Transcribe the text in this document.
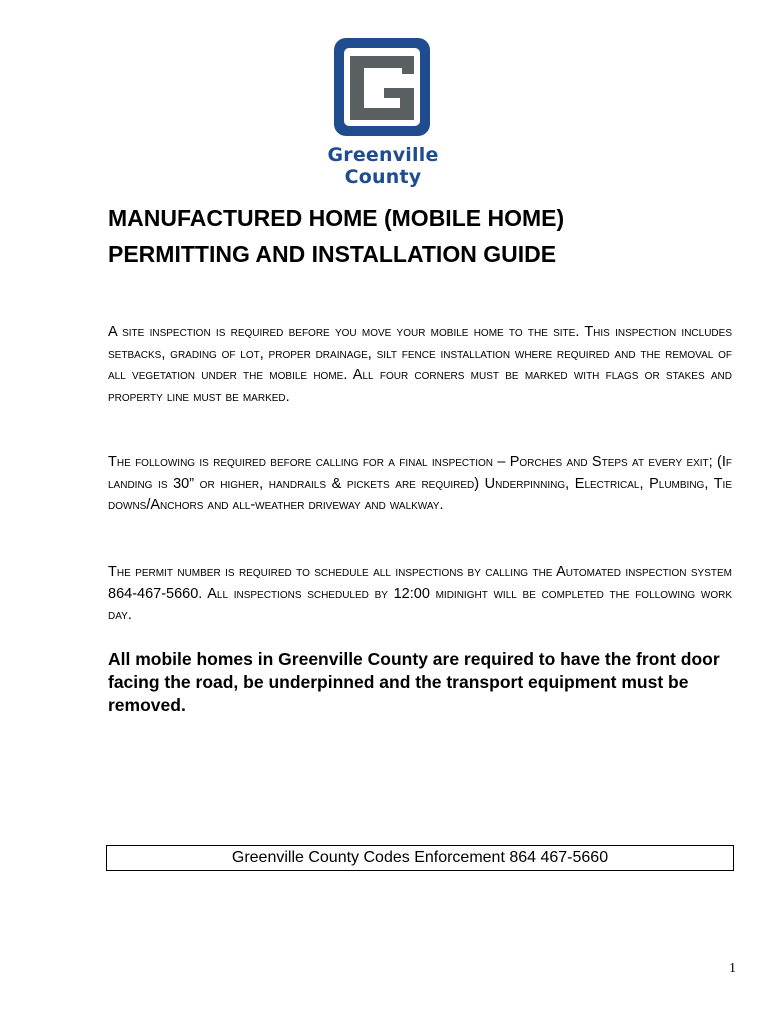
Greenville
County
MANUFACTURED HOME (MOBILE HOME)
PERMITTING AND INSTALLATION GUIDE

A site inspection is required before you move your mobile home to the site. This inspection includes setbacks, grading of lot, proper drainage, silt fence installation where required and the removal of all vegetation under the mobile home. All four corners must be marked with flags or stakes and property line must be marked.

The following is required before calling for a final inspection – Porches and Steps at every exit; (If landing is 30” or higher, handrails & pickets are required) Underpinning, Electrical, Plumbing, Tie downs/Anchors and all-weather driveway and walkway.

The permit number is required to schedule all inspections by calling the Automated inspection system 864-467-5660. All inspections scheduled by 12:00 midinight will be completed the following work day.

All mobile homes in Greenville County are required to have the front door facing the road, be underpinned and the transport equipment must be removed.

Greenville County Codes Enforcement 864 467-5660
1
